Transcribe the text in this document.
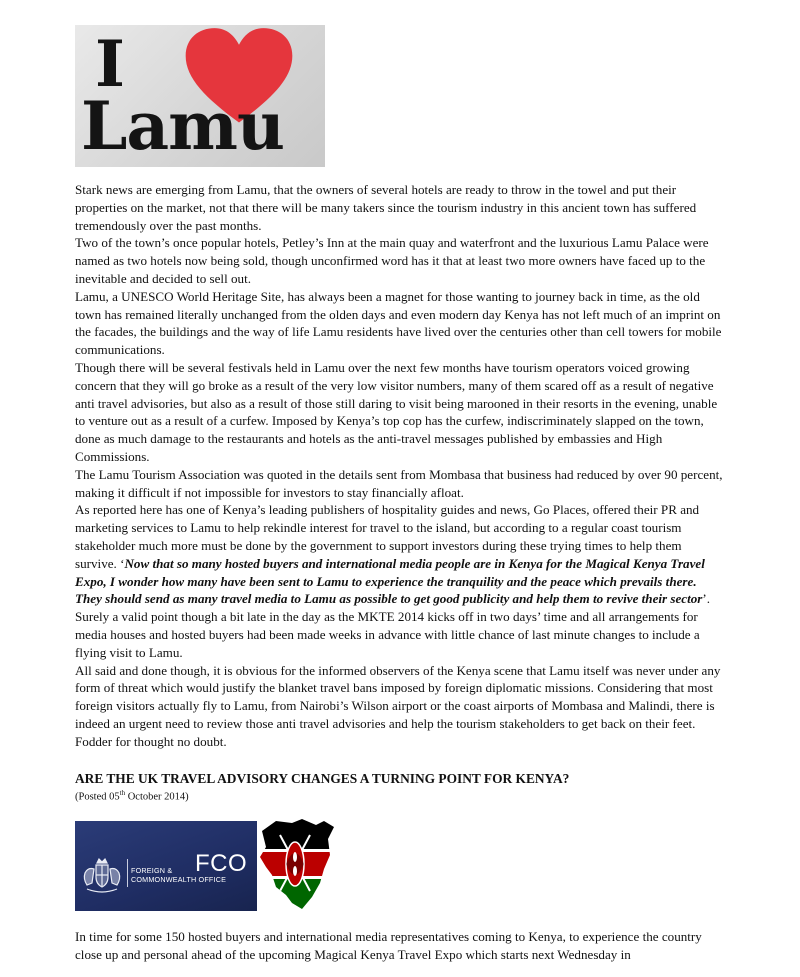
I
Lamu

Stark news are emerging from Lamu, that the owners of several hotels are ready to throw in the towel and put their properties on the market, not that there will be many takers since the tourism industry in this ancient town has suffered tremendously over the past months.

Two of the town’s once popular hotels, Petley’s Inn at the main quay and waterfront and the luxurious Lamu Palace were named as two hotels now being sold, though unconfirmed word has it that at least two more owners have faced up to the inevitable and decided to sell out.

Lamu, a UNESCO World Heritage Site, has always been a magnet for those wanting to journey back in time, as the old town has remained literally unchanged from the olden days and even modern day Kenya has not left much of an imprint on the facades, the buildings and the way of life Lamu residents have lived over the centuries other than cell towers for mobile communications.

Though there will be several festivals held in Lamu over the next few months have tourism operators voiced growing concern that they will go broke as a result of the very low visitor numbers, many of them scared off as a result of negative anti travel advisories, but also as a result of those still daring to visit being marooned in their resorts in the evening, unable to venture out as a result of a curfew. Imposed by Kenya’s top cop has the curfew, indiscriminately slapped on the town, done as much damage to the restaurants and hotels as the anti-travel messages published by embassies and High Commissions.

The Lamu Tourism Association was quoted in the details sent from Mombasa that business had reduced by over 90 percent, making it difficult if not impossible for investors to stay financially afloat.

As reported here has one of Kenya’s leading publishers of hospitality guides and news, Go Places, offered their PR and marketing services to Lamu to help rekindle interest for travel to the island, but according to a regular coast tourism stakeholder much more must be done by the government to support investors during these trying times to help them survive. ‘Now that so many hosted buyers and international media people are in Kenya for the Magical Kenya Travel Expo, I wonder how many have been sent to Lamu to experience the tranquility and the peace which prevails there. They should send as many travel media to Lamu as possible to get good publicity and help them to revive their sector’. Surely a valid point though a bit late in the day as the MKTE 2014 kicks off in two days’ time and all arrangements for media houses and hosted buyers had been made weeks in advance with little chance of last minute changes to include a flying visit to Lamu.

All said and done though, it is obvious for the informed observers of the Kenya scene that Lamu itself was never under any form of threat which would justify the blanket travel bans imposed by foreign diplomatic missions. Considering that most foreign visitors actually fly to Lamu, from Nairobi’s Wilson airport or the coast airports of Mombasa and Malindi, there is indeed an urgent need to review those anti travel advisories and help the tourism stakeholders to get back on their feet. Fodder for thought no doubt.

ARE THE UK TRAVEL ADVISORY CHANGES A TURNING POINT FOR KENYA?
(Posted 05th October 2014)
FOREIGN &
COMMONWEALTH OFFICE
FCO

In time for some 150 hosted buyers and international media representatives coming to Kenya, to experience the country close up and personal ahead of the upcoming Magical Kenya Travel Expo which starts next Wednesday in
